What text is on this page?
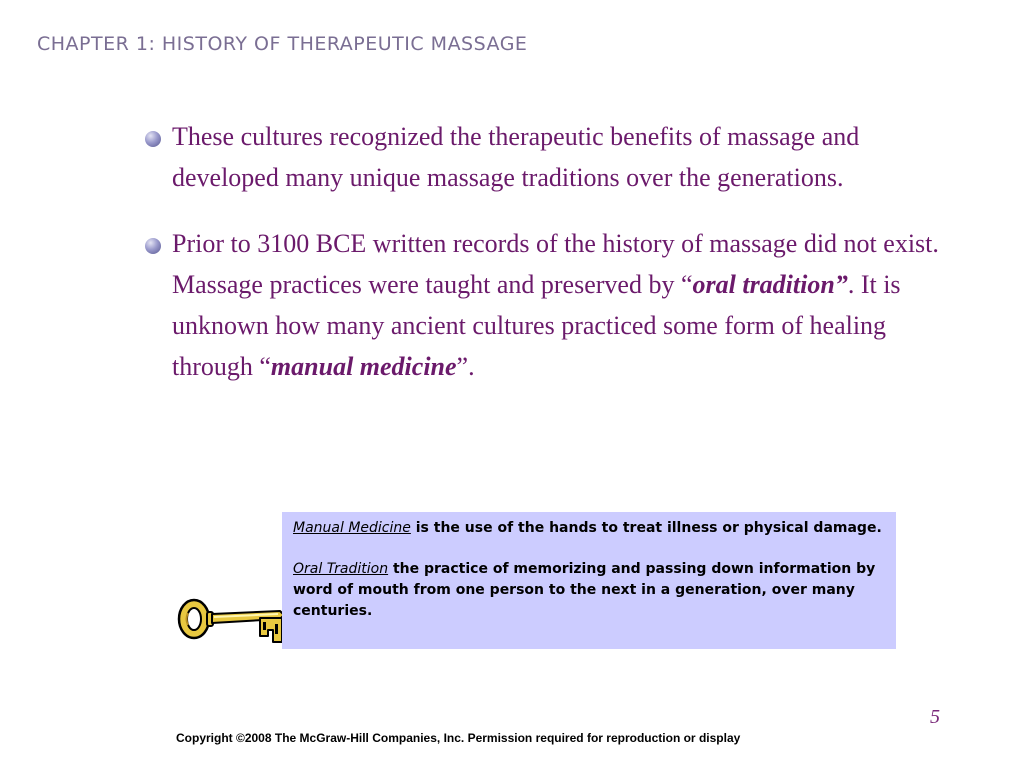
CHAPTER 1: HISTORY OF THERAPEUTIC MASSAGE
These cultures recognized the therapeutic benefits of massage and developed many unique massage traditions over the generations.
Prior to 3100 BCE written records of the history of massage did not exist. Massage practices were taught and preserved by “oral tradition”. It is unknown how many ancient cultures practiced some form of healing through “manual medicine”.

Manual Medicine is the use of the hands to treat illness or physical damage.

Oral Tradition the practice of memorizing and passing down information by word of mouth from one person to the next in a generation, over many centuries.

5
Copyright ©2008 The McGraw-Hill Companies, Inc. Permission required for reproduction or display
